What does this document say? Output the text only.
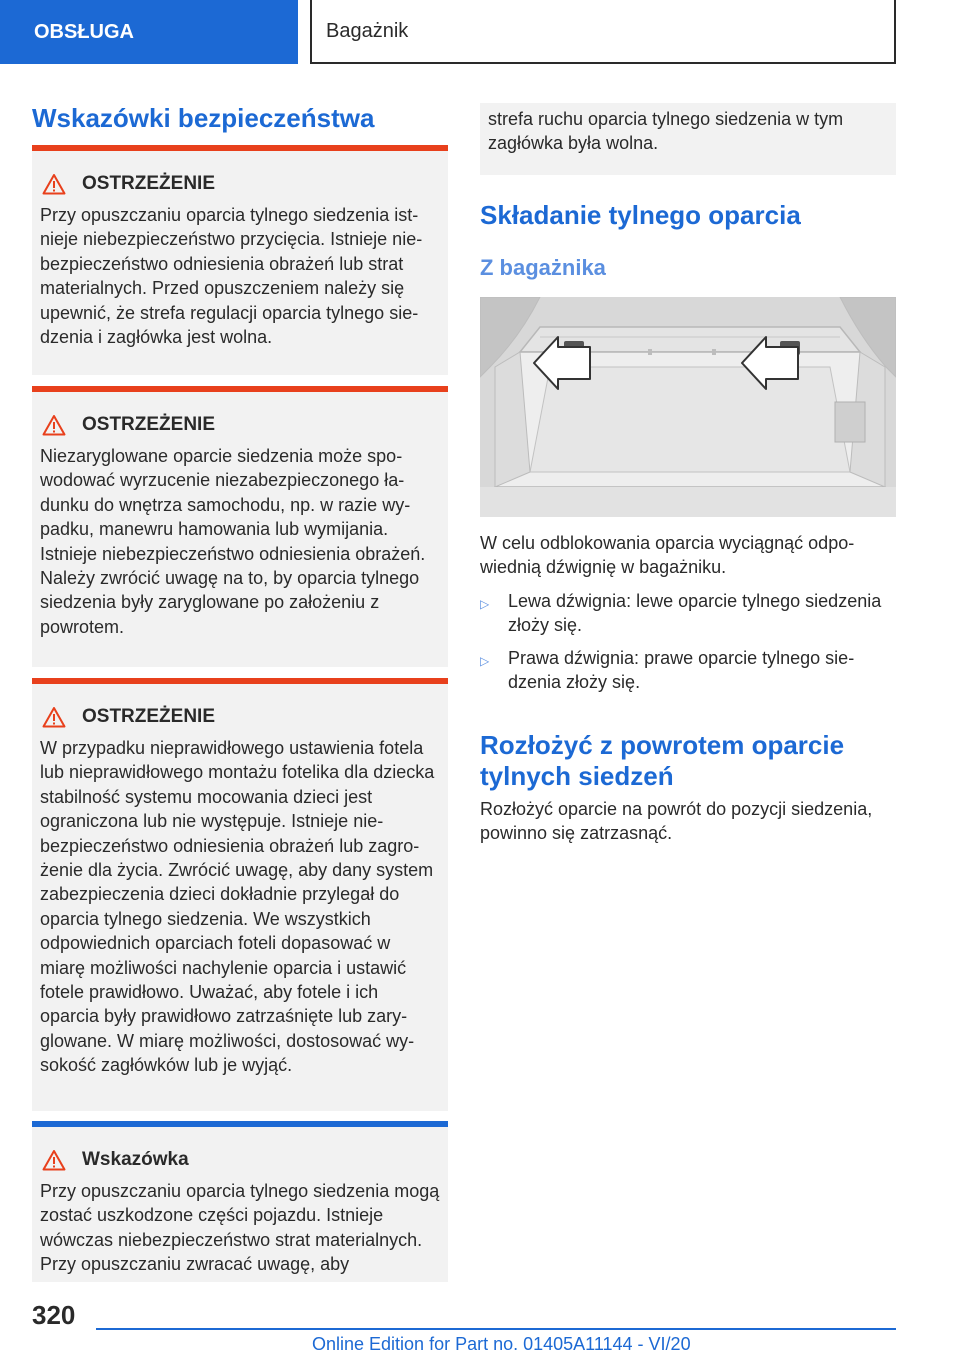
OBSŁUGA	Bagażnik
Wskazówki bezpieczeństwa
OSTRZEŻENIE

Przy opuszczaniu oparcia tylnego siedzenia istnieje niebezpieczeństwo przycięcia. Istnieje niebezpieczeństwo odniesienia obrażeń lub strat materialnych. Przed opuszczeniem należy się upewnić, że strefa regulacji oparcia tylnego siedzenia i zagłówka jest wolna.

OSTRZEŻENIE

Niezaryglowane oparcie siedzenia może spowodować wyrzucenie niezabezpieczonego ładunku do wnętrza samochodu, np. w razie wypadku, manewru hamowania lub wymijania. Istnieje niebezpieczeństwo odniesienia obrażeń. Należy zwrócić uwagę na to, by oparcia tylnego siedzenia były zaryglowane po założeniu z powrotem.

OSTRZEŻENIE

W przypadku nieprawidłowego ustawienia fotela lub nieprawidłowego montażu fotelika dla dziecka stabilność systemu mocowania dzieci jest ograniczona lub nie występuje. Istnieje niebezpieczeństwo odniesienia obrażeń lub zagrożenie dla życia. Zwrócić uwagę, aby dany system zabezpieczenia dzieci dokładnie przylegał do oparcia tylnego siedzenia. We wszystkich odpowiednich oparciach foteli dopasować w miarę możliwości nachylenie oparcia i ustawić fotele prawidłowo. Uważać, aby fotele i ich oparcia były prawidłowo zatrzaśnięte lub zaryglowane. W miarę możliwości, dostosować wysokość zagłówków lub je wyjąć.

Wskazówka

Przy opuszczaniu oparcia tylnego siedzenia mogą zostać uszkodzone części pojazdu. Istnieje wówczas niebezpieczeństwo strat materialnych. Przy opuszczaniu zwracać uwagę, aby

strefa ruchu oparcia tylnego siedzenia w tym zagłówka była wolna.

Składanie tylnego oparcia
Z bagażnika

W celu odblokowania oparcia wyciągnąć odpowiednią dźwignię w bagażniku.

▷	Lewa dźwignia: lewe oparcie tylnego siedzenia złoży się.
▷	Prawa dźwignia: prawe oparcie tylnego siedzenia złoży się.
Rozłożyć z powrotem oparcie tylnych siedzeń

Rozłożyć oparcie na powrót do pozycji siedzenia, powinno się zatrzasnąć.

320
Online Edition for Part no. 01405A11144 - VI/20
